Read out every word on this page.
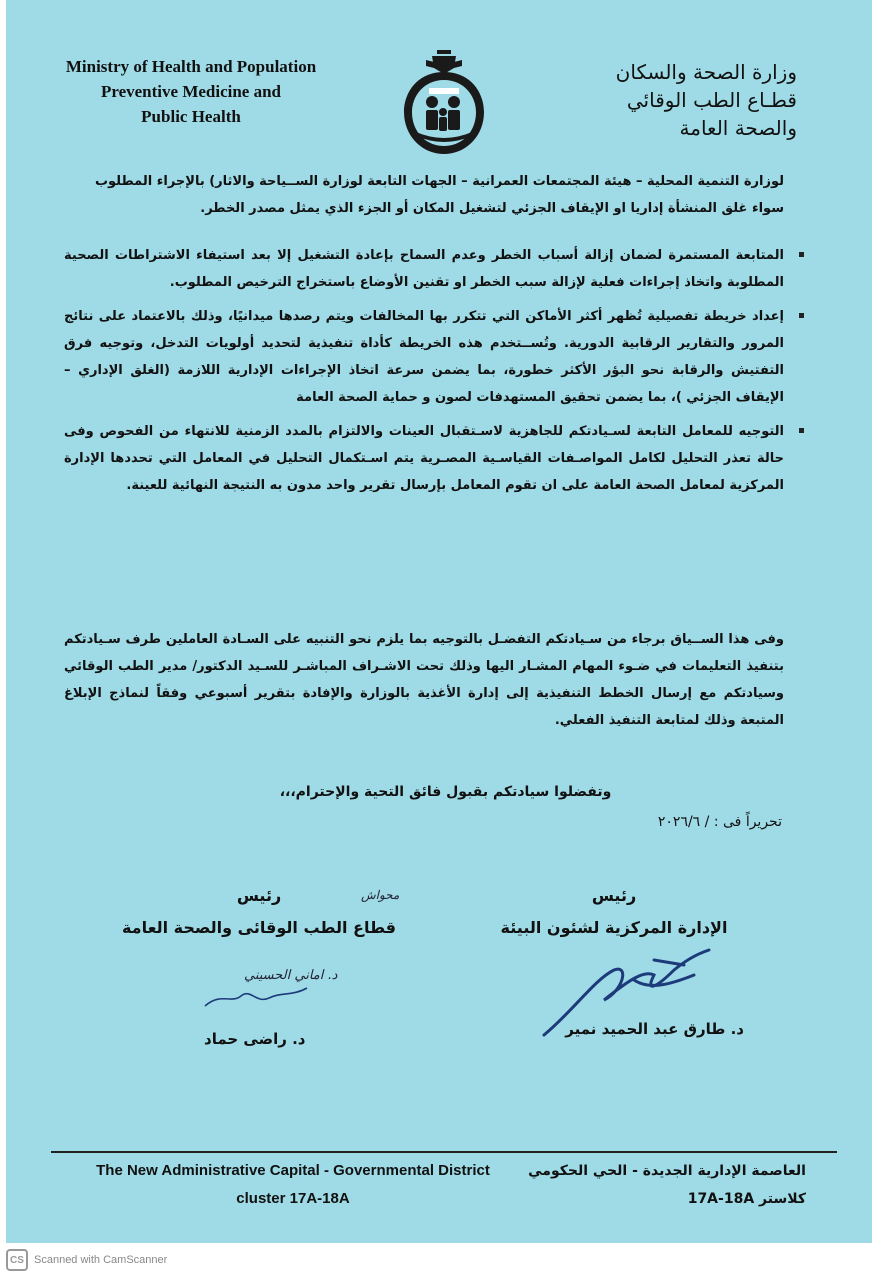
Ministry of Health and Population
Preventive Medicine and
Public Health
وزارة الصحة والسكان
قطـاع الطب الوقائي
والصحة العامة
لوزارة التنمية المحلية – هيئة المجتمعات العمرانية – الجهات التابعة لوزارة الســياحة والاثار) بالإجراء المطلوب
سواء غلق المنشأة إداريا او الإيقاف الجزئي لتشغيل المكان أو الجزء الذي يمثل مصدر الخطر.
المتابعة المستمرة لضمان إزالة أسباب الخطر وعدم السماح بإعادة التشغيل إلا بعد استيفاء الاشتراطات الصحية المطلوبة واتخاذ إجراءات فعلية لإزالة سبب الخطر او تقنين الأوضاع باستخراج الترخيص المطلوب.
إعداد خريطة تفصيلية تُظهر أكثر الأماكن التي تتكرر بها المخالفات ويتم رصدها ميدانيًا، وذلك بالاعتماد على نتائج المرور والتقارير الرقابية الدورية. وتُســتخدم هذه الخريطة كأداة تنفيذية لتحديد أولويات التدخل، وتوجيه فرق التفتيش والرقابة نحو البؤر الأكثر خطورة، بما يضمن سرعة اتخاذ الإجراءات الإدارية اللازمة (الغلق الإداري – الإيقاف الجزئي )، بما يضمن تحقيق المستهدفات لصون و حماية الصحة العامة
التوجيه للمعامل التابعة لسـيادتكم للجاهزية لاسـتقبال العينات والالتزام بالمدد الزمنية للانتهاء من الفحوص وفى حالة تعذر التحليل لكامل المواصـفات القياسـية المصـرية يتم اسـتكمال التحليل في المعامل التي تحددها الإدارة المركزية لمعامل الصحة العامة على ان تقوم المعامل بإرسال تقرير واحد مدون به النتيجة النهائية للعينة.
وفى هذا الســياق برجاء من سـيادتكم التفضـل بالتوجيه بما يلزم نحو التنبيه على السـادة العاملين طرف سـيادتكم بتنفيذ التعليمات في ضـوء المهام المشـار اليها وذلك تحت الاشـراف المباشـر للسـيد الدكتور/ مدير الطب الوقائي وسيادتكم مع إرسال الخطط التنفيذية إلى إدارة الأغذية بالوزارة والإفادة بتقرير أسبوعي وفقاً لنماذج الإبلاغ المتبعة وذلك لمتابعة التنفيذ الفعلي.
وتفضلوا سيادتكم بقبول فائق التحية والإحترام،،،
تحريراً فى : / ٢٠٢٦/٦
رئيس
الإدارة المركزية لشئون البيئة
د. طارق عبد الحميد نمير
محواش
رئيس
قطاع الطب الوقائى والصحة العامة
د. اماني الحسيني
د. راضى حماد
The New Administrative Capital - Governmental District
cluster 17A-18A
العاصمة الإدارية الجديدة - الحي الحكومي
كلاستر 17A-18A
CS Scanned with CamScanner
